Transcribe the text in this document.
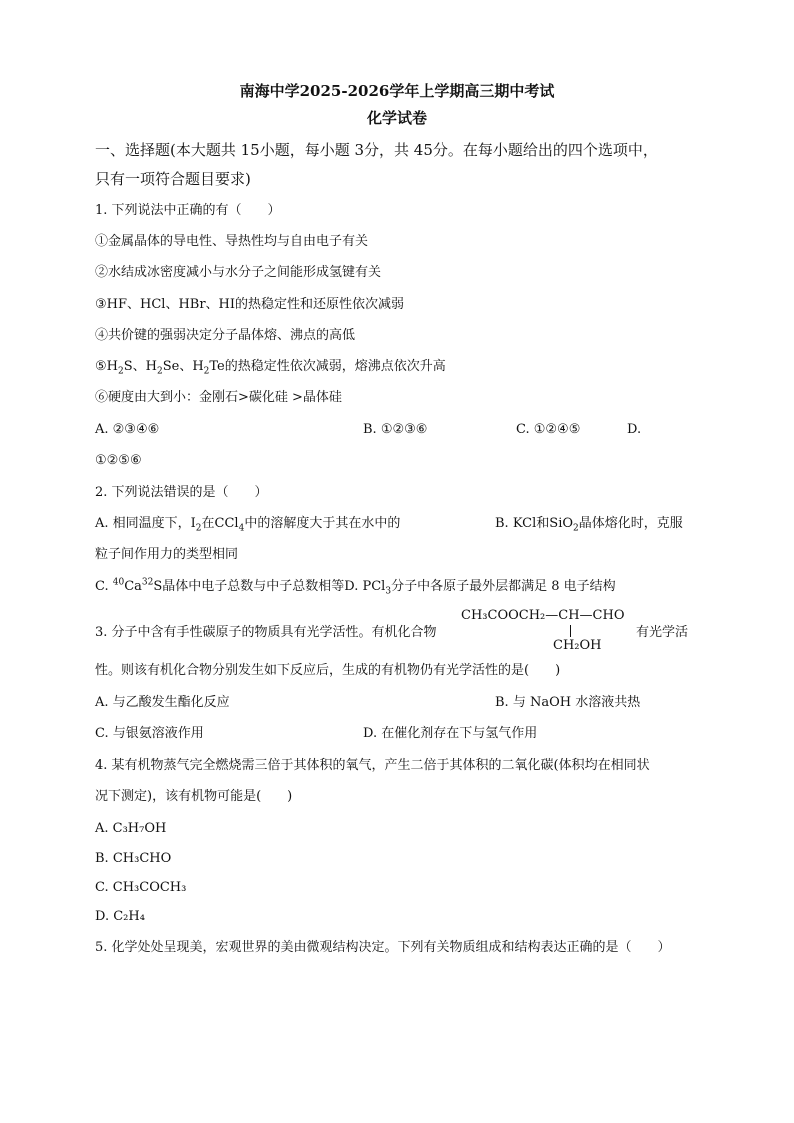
南海中学2025-2026学年上学期高三期中考试
化学试卷
一、选择题(本大题共 15小题，每小题 3分，共 45分。在每小题给出的四个选项中，
只有一项符合题目要求)
1. 下列说法中正确的有（　　）
①金属晶体的导电性、导热性均与自由电子有关
②水结成冰密度减小与水分子之间能形成氢键有关
③HF、HCl、HBr、HI的热稳定性和还原性依次减弱
④共价键的强弱决定分子晶体熔、沸点的高低
$⑤H_2S$、$H_2Se$、$H_2Te$的热稳定性依次减弱，熔沸点依次升高
⑥硬度由大到小：金刚石>碳化硅 >晶体硅
A. ②③④⑥	B. ①②③⑥	C. ①②④⑤	D.
①②⑤⑥
2. 下列说法错误的是（　　）
A. 相同温度下，$I_2$在CCl$_4$中的溶解度大于其在水中的	B. KCl和SiO$_2$晶体熔化时，克服
粒子间作用力的类型相同
C. $^{40}$Ca$^{32}$S晶体中电子总数与中子总数相等D. PCl$_3$分子中各原子最外层都满足 8 电子结构
3. 分子中含有手性碳原子的物质具有光学活性。有机化合物
CH₃COOCH₂—CH—CHO
CH₂OH
有光学活
性。则该有机化合物分别发生如下反应后，生成的有机物仍有光学活性的是(　　)
A. 与乙酸发生酯化反应	B. 与 NaOH 水溶液共热
C. 与银氨溶液作用	D. 在催化剂存在下与氢气作用
4. 某有机物蒸气完全燃烧需三倍于其体积的氧气，产生二倍于其体积的二氧化碳(体积均在相同状
况下测定)，该有机物可能是(　　)
A. C₃H₇OH
B. CH₃CHO
C. CH₃COCH₃
D. C₂H₄
5. 化学处处呈现美，宏观世界的美由微观结构决定。下列有关物质组成和结构表达正确的是（　　）
